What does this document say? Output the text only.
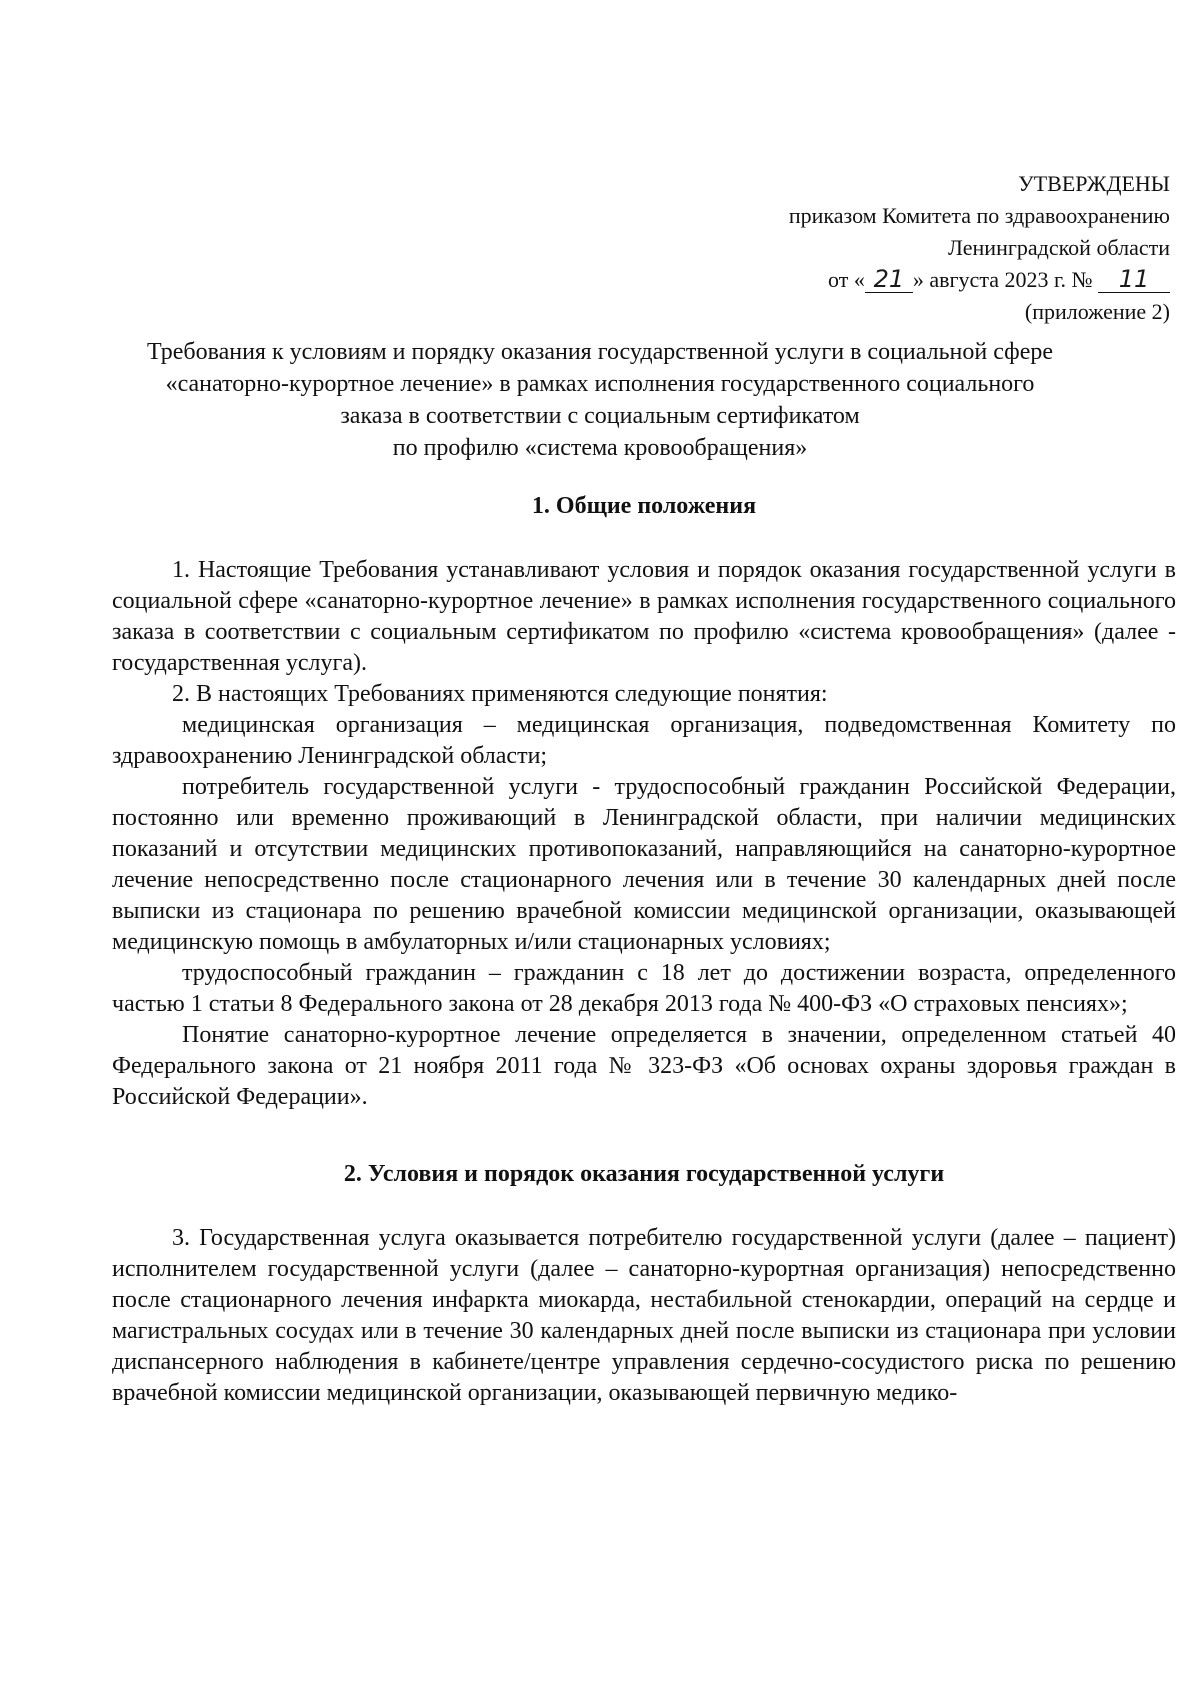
УТВЕРЖДЕНЫ
приказом Комитета по здравоохранению
Ленинградской области
от « 21 » августа 2023 г. № 11
(приложение 2)
Требования к условиям и порядку оказания государственной услуги в социальной сфере
«санаторно-курортное лечение» в рамках исполнения государственного социального
заказа в соответствии с социальным сертификатом
по профилю «система кровообращения»
1. Общие положения

1. Настоящие Требования устанавливают условия и порядок оказания государственной услуги в социальной сфере «санаторно-курортное лечение» в рамках исполнения государственного социального заказа в соответствии с социальным сертификатом по профилю «система кровообращения» (далее - государственная услуга).

2. В настоящих Требованиях применяются следующие понятия:

медицинская организация – медицинская организация, подведомственная Комитету по здравоохранению Ленинградской области;

потребитель государственной услуги - трудоспособный гражданин Российской Федерации, постоянно или временно проживающий в Ленинградской области, при наличии медицинских показаний и отсутствии медицинских противопоказаний, направляющийся на санаторно-курортное лечение непосредственно после стационарного лечения или в течение 30 календарных дней после выписки из стационара по решению врачебной комиссии медицинской организации, оказывающей медицинскую помощь в амбулаторных и/или стационарных условиях;

трудоспособный гражданин – гражданин с 18 лет до достижении возраста, определенного частью 1 статьи 8 Федерального закона от 28 декабря 2013 года № 400-ФЗ «О страховых пенсиях»;

Понятие санаторно-курортное лечение определяется в значении, определенном статьей 40 Федерального закона от 21 ноября 2011 года № 323-ФЗ «Об основах охраны здоровья граждан в Российской Федерации».

2. Условия и порядок оказания государственной услуги

3. Государственная услуга оказывается потребителю государственной услуги (далее – пациент) исполнителем государственной услуги (далее – санаторно-курортная организация) непосредственно после стационарного лечения инфаркта миокарда, нестабильной стенокардии, операций на сердце и магистральных сосудах или в течение 30 календарных дней после выписки из стационара при условии диспансерного наблюдения в кабинете/центре управления сердечно-сосудистого риска по решению врачебной комиссии медицинской организации, оказывающей первичную медико-
